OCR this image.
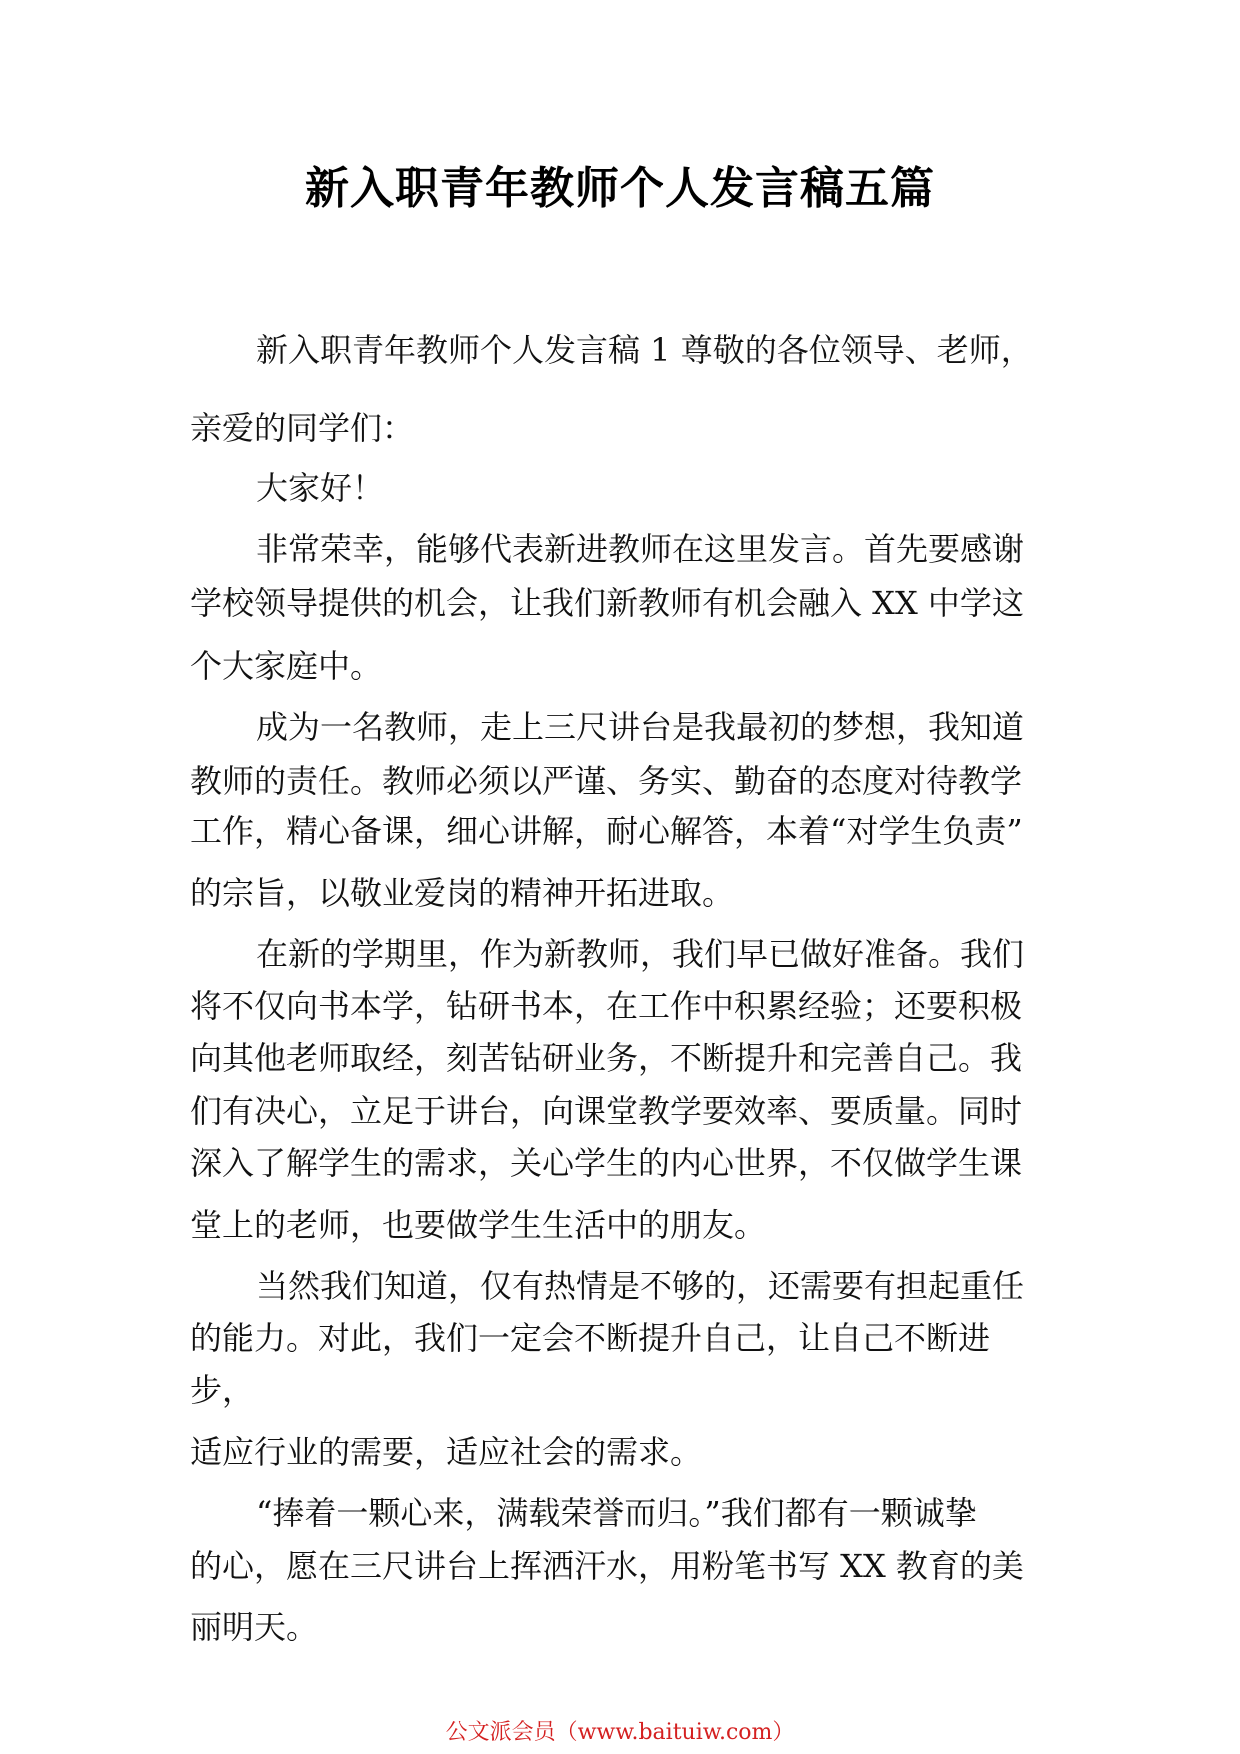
新入职青年教师个人发言稿五篇
新入职青年教师个人发言稿 1 尊敬的各位领导、老师，
亲爱的同学们：
大家好！
非常荣幸，能够代表新进教师在这里发言。首先要感谢
学校领导提供的机会，让我们新教师有机会融入 XX 中学这
个大家庭中。
成为一名教师，走上三尺讲台是我最初的梦想，我知道
教师的责任。教师必须以严谨、务实、勤奋的态度对待教学
工作，精心备课，细心讲解，耐心解答，本着“对学生负责”
的宗旨，以敬业爱岗的精神开拓进取。
在新的学期里，作为新教师，我们早已做好准备。我们
将不仅向书本学，钻研书本，在工作中积累经验；还要积极
向其他老师取经，刻苦钻研业务，不断提升和完善自己。我
们有决心，立足于讲台，向课堂教学要效率、要质量。同时
深入了解学生的需求，关心学生的内心世界，不仅做学生课
堂上的老师，也要做学生生活中的朋友。
当然我们知道，仅有热情是不够的，还需要有担起重任
的能力。对此，我们一定会不断提升自己，让自己不断进
步，
适应行业的需要，适应社会的需求。
“捧着一颗心来，满载荣誉而归。”我们都有一颗诚挚
的心，愿在三尺讲台上挥洒汗水，用粉笔书写 XX 教育的美
丽明天。
公文派会员（www.baituiw.com）
